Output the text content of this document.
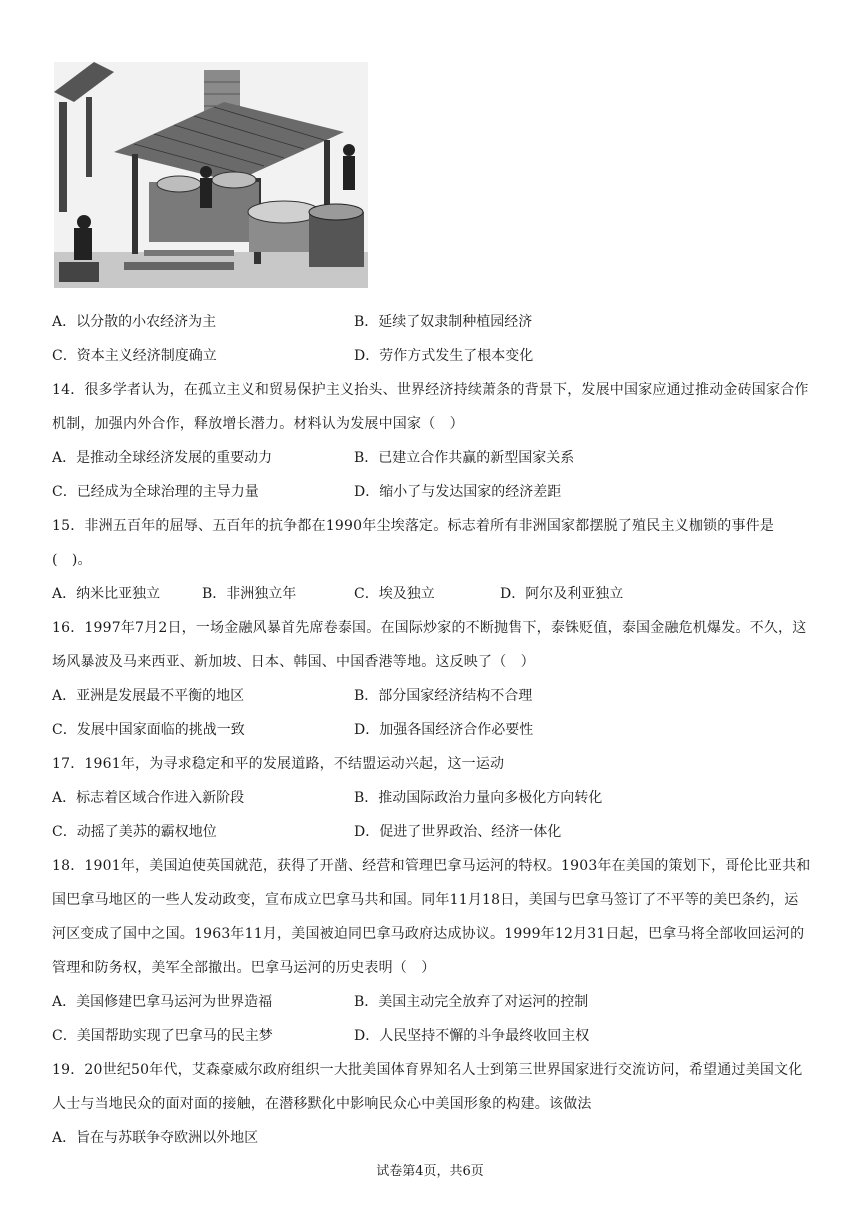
A．以分散的小农经济为主	B．延续了奴隶制种植园经济
C．资本主义经济制度确立	D．劳作方式发生了根本变化
14．很多学者认为，在孤立主义和贸易保护主义抬头、世界经济持续萧条的背景下，发展中国家应通过推动金砖国家合作机制，加强内外合作，释放增长潜力。材料认为发展中国家（　）
A．是推动全球经济发展的重要动力	B．已建立合作共赢的新型国家关系
C．已经成为全球治理的主导力量	D．缩小了与发达国家的经济差距
15．非洲五百年的屈辱、五百年的抗争都在1990年尘埃落定。标志着所有非洲国家都摆脱了殖民主义枷锁的事件是(　)。
A．纳米比亚独立	B．非洲独立年	C．埃及独立	D．阿尔及利亚独立
16．1997年7月2日，一场金融风暴首先席卷泰国。在国际炒家的不断抛售下，泰铢贬值，泰国金融危机爆发。不久，这场风暴波及马来西亚、新加坡、日本、韩国、中国香港等地。这反映了（　）
A．亚洲是发展最不平衡的地区	B．部分国家经济结构不合理
C．发展中国家面临的挑战一致	D．加强各国经济合作必要性
17．1961年，为寻求稳定和平的发展道路，不结盟运动兴起，这一运动
A．标志着区域合作进入新阶段	B．推动国际政治力量向多极化方向转化
C．动摇了美苏的霸权地位	D．促进了世界政治、经济一体化
18．1901年，美国迫使英国就范，获得了开凿、经营和管理巴拿马运河的特权。1903年在美国的策划下，哥伦比亚共和国巴拿马地区的一些人发动政变，宣布成立巴拿马共和国。同年11月18日，美国与巴拿马签订了不平等的美巴条约，运河区变成了国中之国。1963年11月，美国被迫同巴拿马政府达成协议。1999年12月31日起，巴拿马将全部收回运河的管理和防务权，美军全部撤出。巴拿马运河的历史表明（　）
A．美国修建巴拿马运河为世界造福	B．美国主动完全放弃了对运河的控制
C．美国帮助实现了巴拿马的民主梦	D．人民坚持不懈的斗争最终收回主权
19．20世纪50年代，艾森豪威尔政府组织一大批美国体育界知名人士到第三世界国家进行交流访问，希望通过美国文化人士与当地民众的面对面的接触，在潜移默化中影响民众心中美国形象的构建。该做法
A．旨在与苏联争夺欧洲以外地区
试卷第4页，共6页
